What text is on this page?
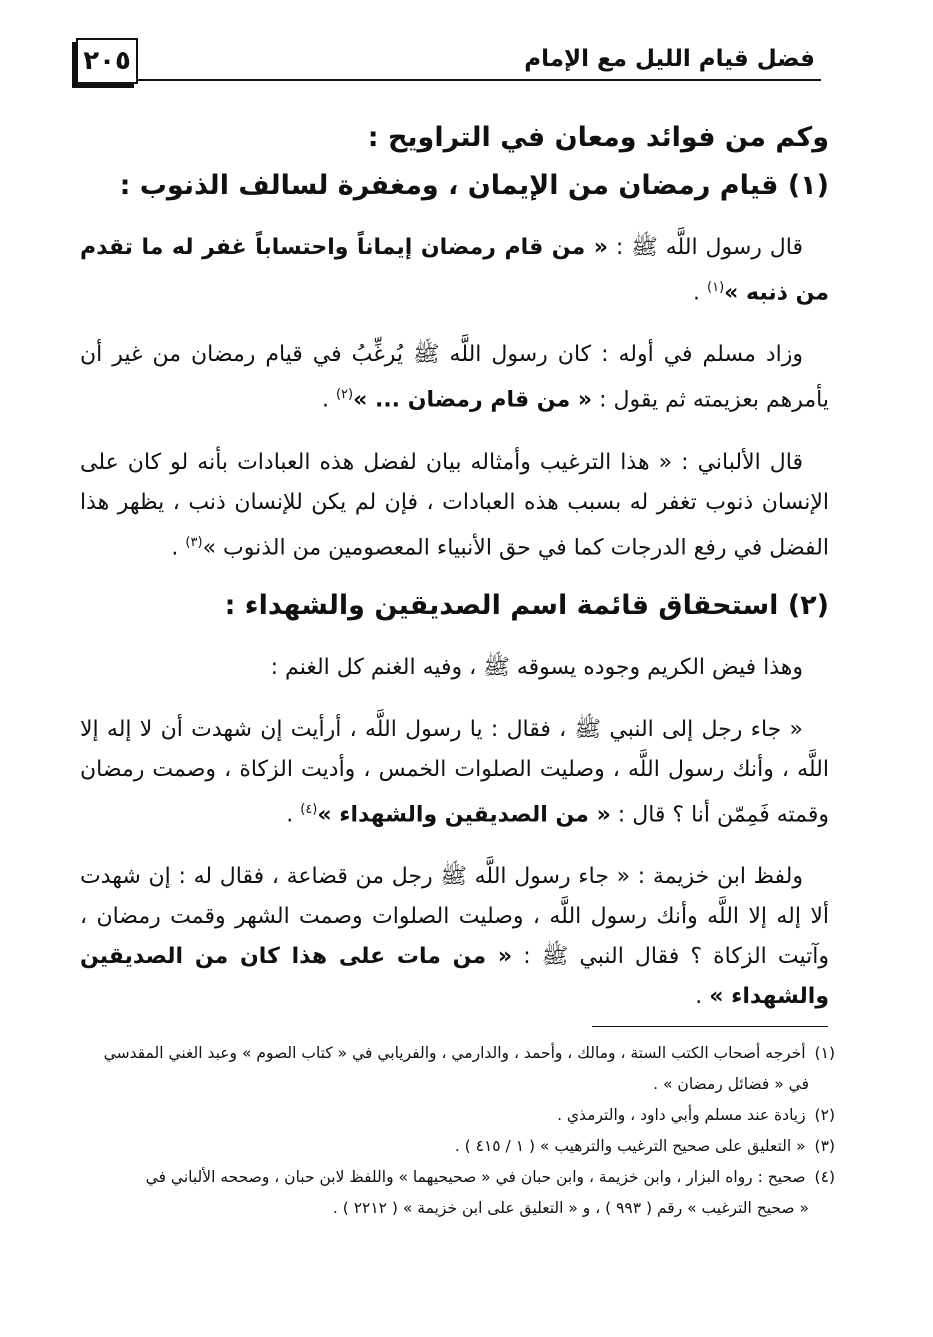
فضل قيام الليل مع الإمام
٢٠٥
وكم من فوائد ومعان في التراويح :
(١) قيام رمضان من الإيمان ، ومغفرة لسالف الذنوب :

قال رسول اللَّه ﷺ : « من قام رمضان إيماناً واحتساباً غفر له ما تقدم من ذنبه »$^{(١)}$ .

وزاد مسلم في أوله : كان رسول اللَّه ﷺ يُرغِّبُ في قيام رمضان من غير أن يأمرهم بعزيمته ثم يقول : « من قام رمضان ... »$^{(٢)}$ .

قال الألباني : « هذا الترغيب وأمثاله بيان لفضل هذه العبادات بأنه لو كان على الإنسان ذنوب تغفر له بسبب هذه العبادات ، فإن لم يكن للإنسان ذنب ، يظهر هذا الفضل في رفع الدرجات كما في حق الأنبياء المعصومين من الذنوب »$^{(٣)}$ .

(٢) استحقاق قائمة اسم الصديقين والشهداء :

وهذا فيض الكريم وجوده يسوقه ﷺ ، وفيه الغنم كل الغنم :

« جاء رجل إلى النبي ﷺ ، فقال : يا رسول اللَّه ، أرأيت إن شهدت أن لا إله إلا اللَّه ، وأنك رسول اللَّه ، وصليت الصلوات الخمس ، وأديت الزكاة ، وصمت رمضان وقمته فَمِمّن أنا ؟ قال : « من الصديقين والشهداء »$^{(٤)}$ .

ولفظ ابن خزيمة : « جاء رسول اللَّه ﷺ رجل من قضاعة ، فقال له : إن شهدت ألا إله إلا اللَّه وأنك رسول اللَّه ، وصليت الصلوات وصمت الشهر وقمت رمضان ، وآتيت الزكاة ؟ فقال النبي ﷺ : « من مات على هذا كان من الصديقين والشهداء » .

(١) أخرجه أصحاب الكتب الستة ، ومالك ، وأحمد ، والدارمي ، والفريابي في « كتاب الصوم » وعبد الغني المقدسي

في « فضائل رمضان » .

(٢) زيادة عند مسلم وأبي داود ، والترمذي .

(٣) « التعليق على صحيح الترغيب والترهيب » ( ١ / ٤١٥ ) .

(٤) صحيح : رواه البزار ، وابن خزيمة ، وابن حبان في « صحيحيهما » واللفظ لابن حبان ، وصححه الألباني في

« صحيح الترغيب » رقم ( ٩٩٣ ) ، و « التعليق على ابن خزيمة » ( ٢٢١٢ ) .
